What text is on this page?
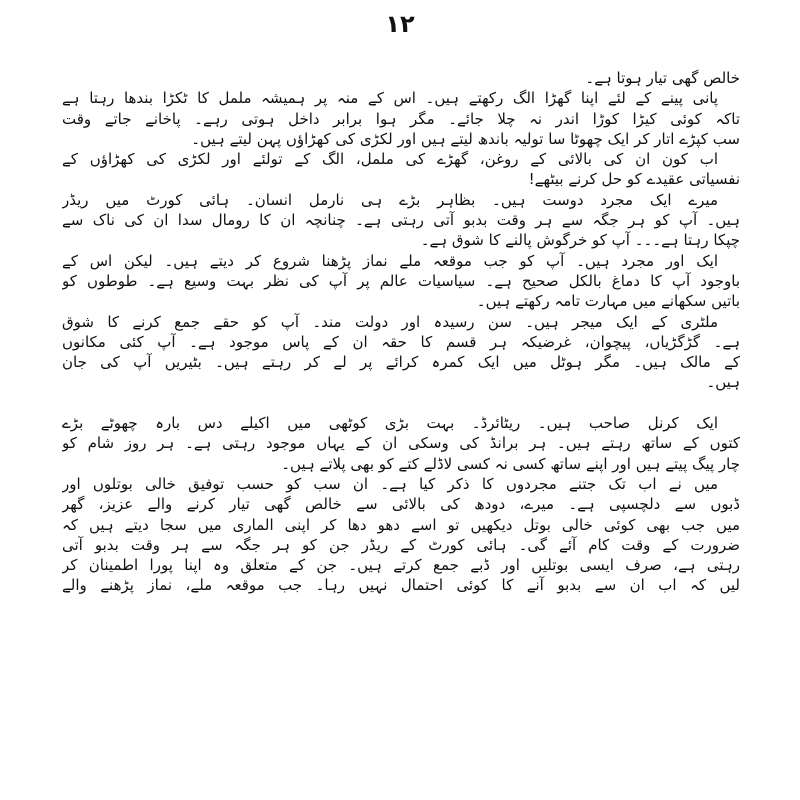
۱۲
خالص گھی تیار ہوتا ہے۔
پانی پینے کے لئے اپنا گھڑا الگ رکھتے ہیں۔ اس کے منہ پر ہمیشہ ململ کا ٹکڑا بندھا رہتا ہے
تاکہ کوئی کیڑا کوڑا اندر نہ چلا جائے۔ مگر ہوا برابر داخل ہوتی رہے۔ پاخانے جاتے وقت
سب کپڑے اتار کر ایک چھوٹا سا تولیہ باندھ لیتے ہیں اور لکڑی کی کھڑاؤں پہن لیتے ہیں۔
اب کون ان کی بالائی کے روغن، گھڑے کی ململ، الگ کے تولئے اور لکڑی کی کھڑاؤں کے
نفسیاتی عقیدے کو حل کرنے بیٹھے!
میرے ایک مجرد دوست ہیں۔ بظاہر بڑے ہی نارمل انسان۔ ہائی کورٹ میں ریڈر
ہیں۔ آپ کو ہر جگہ سے ہر وقت بدبو آتی رہتی ہے۔ چنانچہ ان کا رومال سدا ان کی ناک سے
چپکا رہتا ہے۔۔۔ آپ کو خرگوش پالنے کا شوق ہے۔
ایک اور مجرد ہیں۔ آپ کو جب موقعہ ملے نماز پڑھنا شروع کر دیتے ہیں۔ لیکن اس کے
باوجود آپ کا دماغ بالکل صحیح ہے۔ سیاسیات عالم پر آپ کی نظر بہت وسیع ہے۔ طوطوں کو
باتیں سکھانے میں مہارت تامہ رکھتے ہیں۔
ملٹری کے ایک میجر ہیں۔ سن رسیدہ اور دولت مند۔ آپ کو حقے جمع کرنے کا شوق
ہے۔ گڑگڑیاں، پیچوان، غرضیکہ ہر قسم کا حقہ ان کے پاس موجود ہے۔ آپ کئی مکانوں
کے مالک ہیں۔ مگر ہوٹل میں ایک کمرہ کرائے پر لے کر رہتے ہیں۔ بٹیریں آپ کی جان
ہیں۔
ایک کرنل صاحب ہیں۔ ریٹائرڈ۔ بہت بڑی کوٹھی میں اکیلے دس بارہ چھوٹے بڑے
کتوں کے ساتھ رہتے ہیں۔ ہر برانڈ کی وسکی ان کے یہاں موجود رہتی ہے۔ ہر روز شام کو
چار پیگ پیتے ہیں اور اپنے ساتھ کسی نہ کسی لاڈلے کتے کو بھی پلاتے ہیں۔
میں نے اب تک جتنے مجردوں کا ذکر کیا ہے۔ ان سب کو حسب توفیق خالی بوتلوں اور
ڈبوں سے دلچسپی ہے۔ میرے، دودھ کی بالائی سے خالص گھی تیار کرنے والے عزیز، گھر
میں جب بھی کوئی خالی بوتل دیکھیں تو اسے دھو دھا کر اپنی الماری میں سجا دیتے ہیں کہ
ضرورت کے وقت کام آئے گی۔ ہائی کورٹ کے ریڈر جن کو ہر جگہ سے ہر وقت بدبو آتی
رہتی ہے، صرف ایسی بوتلیں اور ڈبے جمع کرتے ہیں۔ جن کے متعلق وہ اپنا پورا اطمینان کر
لیں کہ اب ان سے بدبو آنے کا کوئی احتمال نہیں رہا۔ جب موقعہ ملے، نماز پڑھنے والے
